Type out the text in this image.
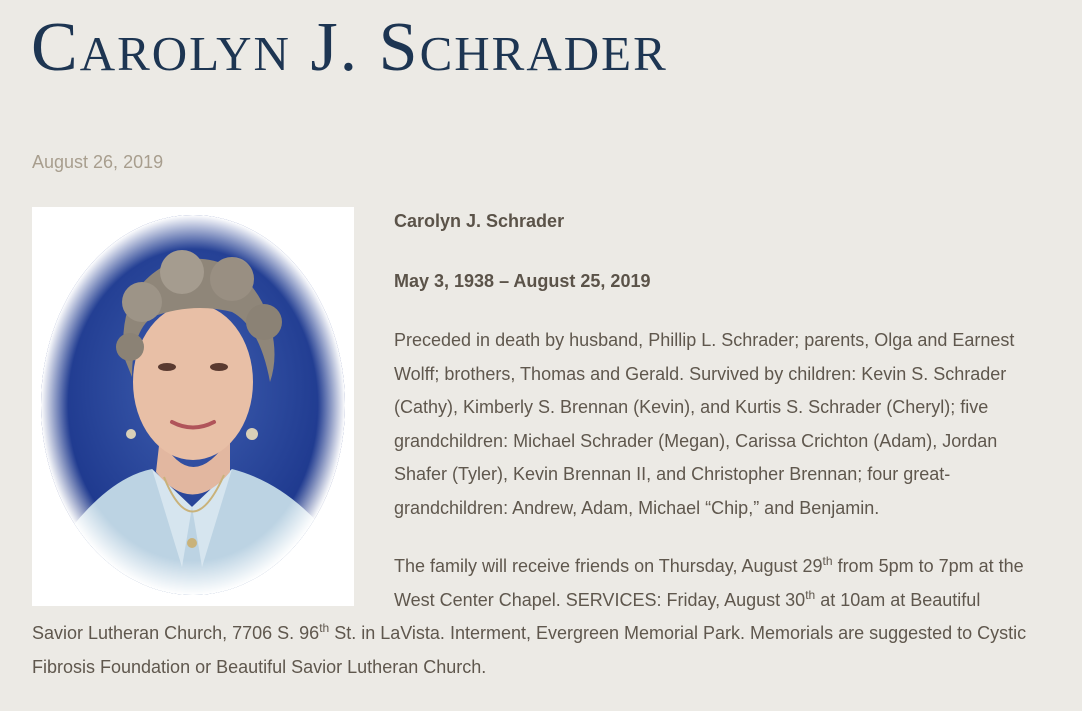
Carolyn J. Schrader
August 26, 2019

Carolyn J. Schrader

May 3, 1938 – August 25, 2019

Preceded in death by husband, Phillip L. Schrader; parents, Olga and Earnest Wolff; brothers, Thomas and Gerald. Survived by children: Kevin S. Schrader (Cathy), Kimberly S. Brennan (Kevin), and Kurtis S. Schrader (Cheryl); five grandchildren: Michael Schrader (Megan), Carissa Crichton (Adam), Jordan Shafer (Tyler), Kevin Brennan II, and Christopher Brennan; four great-grandchildren: Andrew, Adam, Michael “Chip,” and Benjamin.

The family will receive friends on Thursday, August 29th from 5pm to 7pm at the West Center Chapel. SERVICES: Friday, August 30th at 10am at Beautiful Savior Lutheran Church, 7706 S. 96th St. in LaVista. Interment, Evergreen Memorial Park. Memorials are suggested to Cystic Fibrosis Foundation or Beautiful Savior Lutheran Church.
